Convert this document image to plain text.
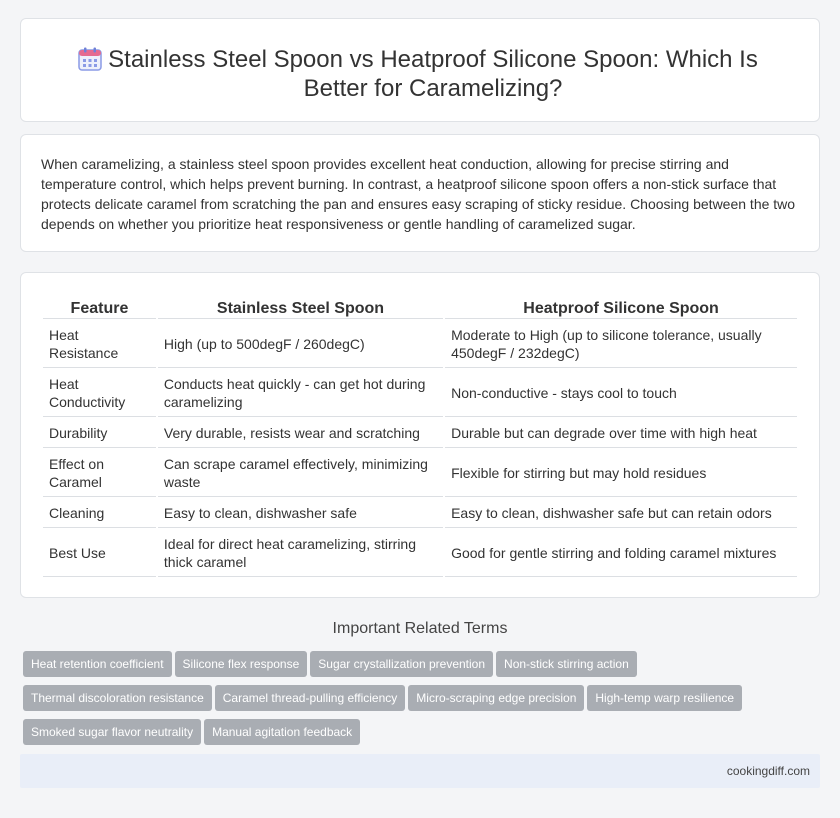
Stainless Steel Spoon vs Heatproof Silicone Spoon: Which Is Better for Caramelizing?

When caramelizing, a stainless steel spoon provides excellent heat conduction, allowing for precise stirring and temperature control, which helps prevent burning. In contrast, a heatproof silicone spoon offers a non-stick surface that protects delicate caramel from scratching the pan and ensures easy scraping of sticky residue. Choosing between the two depends on whether you prioritize heat responsiveness or gentle handling of caramelized sugar.

Feature	Stainless Steel Spoon	Heatproof Silicone Spoon
Heat Resistance	High (up to 500degF / 260degC)	Moderate to High (up to silicone tolerance, usually 450degF / 232degC)
Heat Conductivity	Conducts heat quickly - can get hot during caramelizing	Non-conductive - stays cool to touch
Durability	Very durable, resists wear and scratching	Durable but can degrade over time with high heat
Effect on Caramel	Can scrape caramel effectively, minimizing waste	Flexible for stirring but may hold residues
Cleaning	Easy to clean, dishwasher safe	Easy to clean, dishwasher safe but can retain odors
Best Use	Ideal for direct heat caramelizing, stirring thick caramel	Good for gentle stirring and folding caramel mixtures
Important Related Terms
Heat retention coefficient Silicone flex response Sugar crystallization prevention Non-stick stirring action
Thermal discoloration resistance Caramel thread-pulling efficiency Micro-scraping edge precision High-temp warp resilience
Smoked sugar flavor neutrality Manual agitation feedback
cookingdiff.com
